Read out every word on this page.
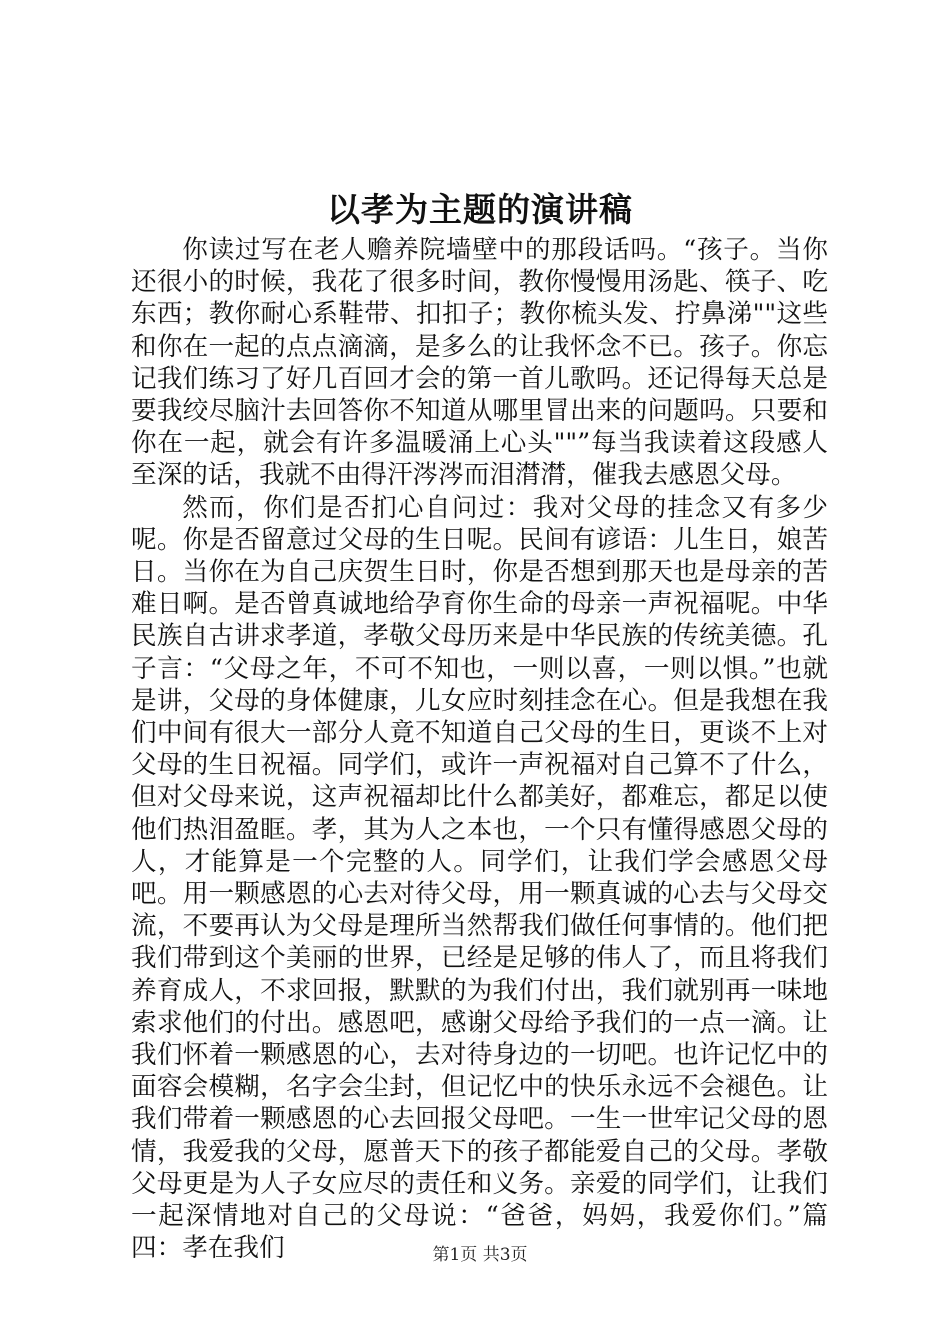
以孝为主题的演讲稿

你读过写在老人赡养院墙壁中的那段话吗。“孩子。当你还很小的时候，我花了很多时间，教你慢慢用汤匙、筷子、吃东西；教你耐心系鞋带、扣扣子；教你梳头发、拧鼻涕""这些和你在一起的点点滴滴，是多么的让我怀念不已。孩子。你忘记我们练习了好几百回才会的第一首儿歌吗。还记得每天总是要我绞尽脑汁去回答你不知道从哪里冒出来的问题吗。只要和你在一起，就会有许多温暖涌上心头""”每当我读着这段感人至深的话，我就不由得汗涔涔而泪潸潸，催我去感恩父母。

然而，你们是否扪心自问过：我对父母的挂念又有多少呢。你是否留意过父母的生日呢。民间有谚语：儿生日，娘苦日。当你在为自己庆贺生日时，你是否想到那天也是母亲的苦难日啊。是否曾真诚地给孕育你生命的母亲一声祝福呢。中华民族自古讲求孝道，孝敬父母历来是中华民族的传统美德。孔子言：“父母之年，不可不知也，一则以喜，一则以惧。”也就是讲，父母的身体健康，儿女应时刻挂念在心。但是我想在我们中间有很大一部分人竟不知道自己父母的生日，更谈不上对父母的生日祝福。同学们，或许一声祝福对自己算不了什么，但对父母来说，这声祝福却比什么都美好，都难忘，都足以使他们热泪盈眶。孝，其为人之本也，一个只有懂得感恩父母的人，才能算是一个完整的人。同学们，让我们学会感恩父母吧。用一颗感恩的心去对待父母，用一颗真诚的心去与父母交流，不要再认为父母是理所当然帮我们做任何事情的。他们把我们带到这个美丽的世界，已经是足够的伟人了，而且将我们养育成人，不求回报，默默的为我们付出，我们就别再一味地索求他们的付出。感恩吧，感谢父母给予我们的一点一滴。让我们怀着一颗感恩的心，去对待身边的一切吧。也许记忆中的面容会模糊，名字会尘封，但记忆中的快乐永远不会褪色。让我们带着一颗感恩的心去回报父母吧。一生一世牢记父母的恩情，我爱我的父母，愿普天下的孩子都能爱自己的父母。孝敬父母更是为人子女应尽的责任和义务。亲爱的同学们，让我们一起深情地对自己的父母说：“爸爸，妈妈，我爱你们。”篇四：孝在我们	第1页 共3页
